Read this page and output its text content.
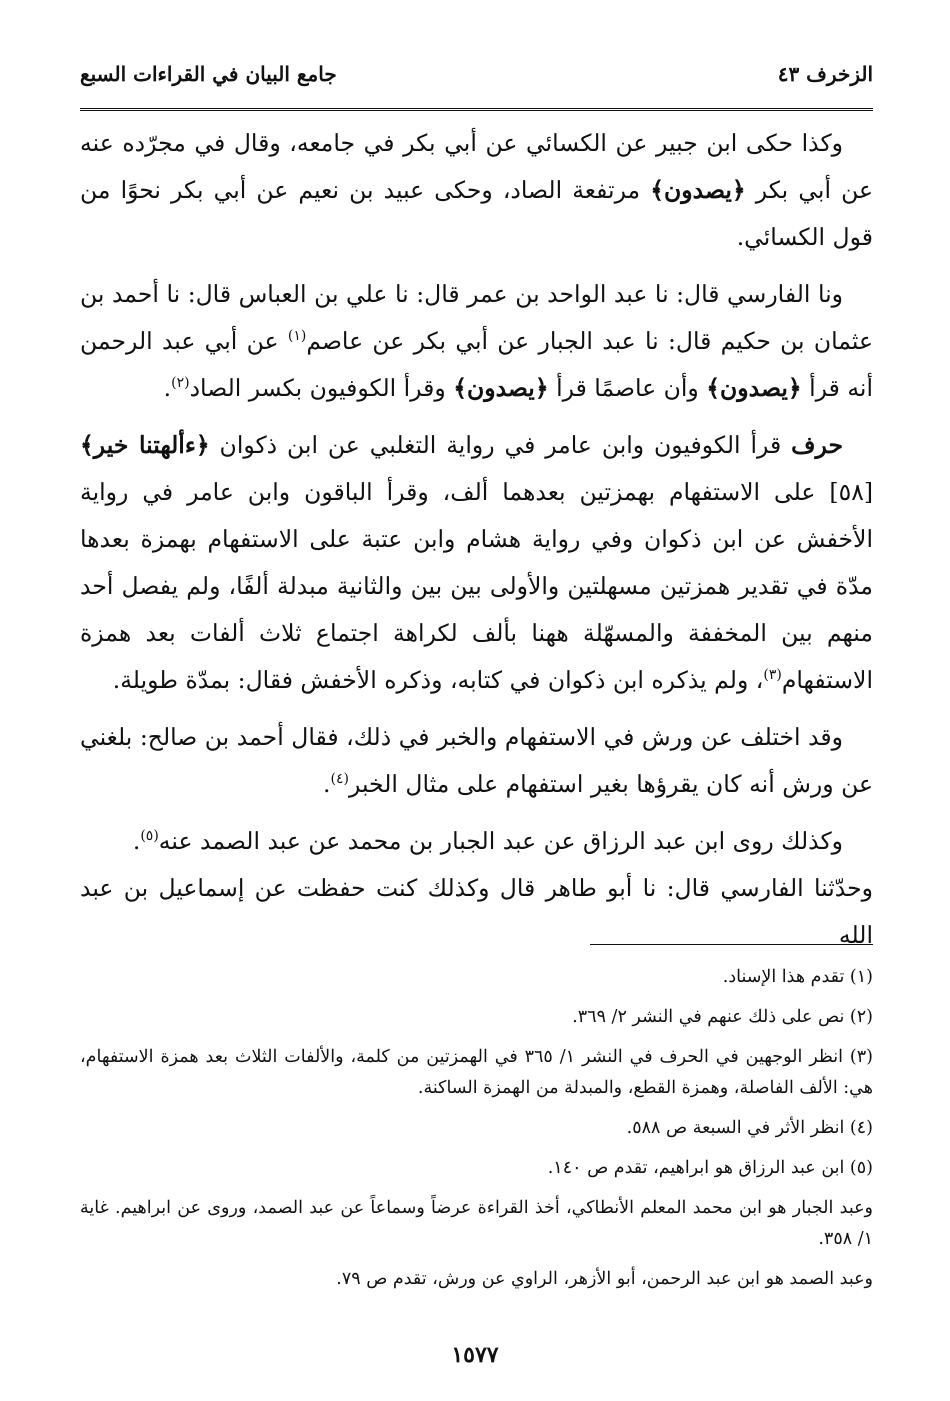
جامع البيان في القراءات السبع	الزخرف ٤٣

وكذا حكى ابن جبير عن الكسائي عن أبي بكر في جامعه، وقال في مجرّده عنه عن أبي بكر ﴿يصدون﴾ مرتفعة الصاد، وحكى عبيد بن نعيم عن أبي بكر نحوًا من قول الكسائي.

ونا الفارسي قال: نا عبد الواحد بن عمر قال: نا علي بن العباس قال: نا أحمد بن عثمان بن حكيم قال: نا عبد الجبار عن أبي بكر عن عاصم$^{(١)}$ عن أبي عبد الرحمن أنه قرأ ﴿يصدون﴾ وأن عاصمًا قرأ ﴿يصدون﴾ وقرأ الكوفيون بكسر الصاد$^{(٢)}$.

حرف قرأ الكوفيون وابن عامر في رواية التغلبي عن ابن ذكوان ﴿ءألهتنا خير﴾ [٥٨] على الاستفهام بهمزتين بعدهما ألف، وقرأ الباقون وابن عامر في رواية الأخفش عن ابن ذكوان وفي رواية هشام وابن عتبة على الاستفهام بهمزة بعدها مدّة في تقدير همزتين مسهلتين والأولى بين بين والثانية مبدلة ألفًا، ولم يفصل أحد منهم بين المخففة والمسهّلة ههنا بألف لكراهة اجتماع ثلاث ألفات بعد همزة الاستفهام$^{(٣)}$، ولم يذكره ابن ذكوان في كتابه، وذكره الأخفش فقال: بمدّة طويلة.

وقد اختلف عن ورش في الاستفهام والخبر في ذلك، فقال أحمد بن صالح: بلغني عن ورش أنه كان يقرؤها بغير استفهام على مثال الخبر$^{(٤)}$.

وكذلك روى ابن عبد الرزاق عن عبد الجبار بن محمد عن عبد الصمد عنه$^{(٥)}$.

وحدّثنا الفارسي قال: نا أبو طاهر قال وكذلك كنت حفظت عن إسماعيل بن عبد الله

(١) تقدم هذا الإسناد.
(٢) نص على ذلك عنهم في النشر ٢/ ٣٦٩.
(٣) انظر الوجهين في الحرف في النشر ١/ ٣٦٥ في الهمزتين من كلمة، والألفات الثلاث بعد همزة الاستفهام، هي: الألف الفاصلة، وهمزة القطع، والمبدلة من الهمزة الساكنة.
(٤) انظر الأثر في السبعة ص ٥٨٨.
(٥) ابن عبد الرزاق هو ابراهيم، تقدم ص ١٤٠.
وعبد الجبار هو ابن محمد المعلم الأنطاكي، أخذ القراءة عرضاً وسماعاً عن عبد الصمد، وروى عن ابراهيم. غاية ١/ ٣٥٨.
وعبد الصمد هو ابن عبد الرحمن، أبو الأزهر، الراوي عن ورش، تقدم ص ٧٩.
١٥٧٧
